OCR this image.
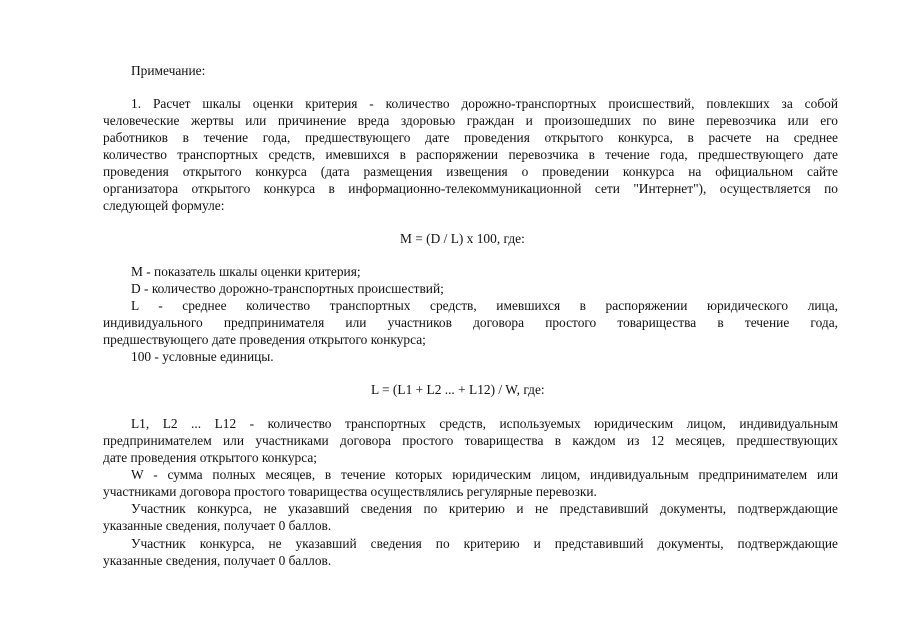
Примечание:
1. Расчет шкалы оценки критерия - количество дорожно-транспортных происшествий, повлекших за собой
человеческие жертвы или причинение вреда здоровью граждан и произошедших по вине перевозчика или его
работников в течение года, предшествующего дате проведения открытого конкурса, в расчете на среднее
количество транспортных средств, имевшихся в распоряжении перевозчика в течение года, предшествующего дате
проведения открытого конкурса (дата размещения извещения о проведении конкурса на официальном сайте
организатора открытого конкурса в информационно-телекоммуникационной сети "Интернет"), осуществляется по
следующей формуле:
M = (D / L) x 100, где:
M - показатель шкалы оценки критерия;
D - количество дорожно-транспортных происшествий;
L - среднее количество транспортных средств, имевшихся в распоряжении юридического лица,
индивидуального предпринимателя или участников договора простого товарищества в течение года,
предшествующего дате проведения открытого конкурса;
100 - условные единицы.
L = (L1 + L2 ... + L12) / W, где:
L1, L2 ... L12 - количество транспортных средств, используемых юридическим лицом, индивидуальным
предпринимателем или участниками договора простого товарищества в каждом из 12 месяцев, предшествующих
дате проведения открытого конкурса;
W - сумма полных месяцев, в течение которых юридическим лицом, индивидуальным предпринимателем или
участниками договора простого товарищества осуществлялись регулярные перевозки.
Участник конкурса, не указавший сведения по критерию и не представивший документы, подтверждающие
указанные сведения, получает 0 баллов.
Участник конкурса, не указавший сведения по критерию и представивший документы, подтверждающие
указанные сведения, получает 0 баллов.
